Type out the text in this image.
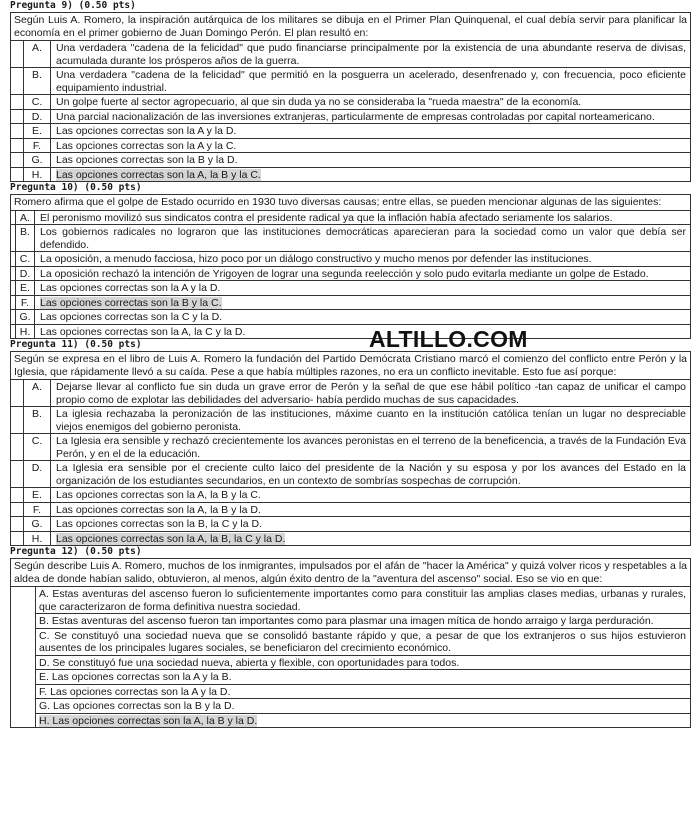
Pregunta 9) (0.50 pts)
Según Luis A. Romero, la inspiración autárquica de los militares se dibuja en el Primer Plan Quinquenal, el cual debía servir para planificar la economía en el primer gobierno de Juan Domingo Perón. El plan resultó en:
A.	Una verdadera "cadena de la felicidad" que pudo financiarse principalmente por la existencia de una abundante reserva de divisas, acumulada durante los prósperos años de la guerra.
B.	Una verdadera "cadena de la felicidad" que permitió en la posguerra un acelerado, desenfrenado y, con frecuencia, poco eficiente equipamiento industrial.
C.	Un golpe fuerte al sector agropecuario, al que sin duda ya no se consideraba la "rueda maestra" de la economía.
D.	Una parcial nacionalización de las inversiones extranjeras, particularmente de empresas controladas por capital norteamericano.
E.	Las opciones correctas son la A y la D.
F.	Las opciones correctas son la A y la C.
G.	Las opciones correctas son la B y la D.
H.	Las opciones correctas son la A, la B y la C.
Pregunta 10) (0.50 pts)
Romero afirma que el golpe de Estado ocurrido en 1930 tuvo diversas causas; entre ellas, se pueden mencionar algunas de las siguientes:
A. El peronismo movilizó sus sindicatos contra el presidente radical ya que la inflación había afectado seriamente los salarios.
B. Los gobiernos radicales no lograron que las instituciones democráticas aparecieran para la sociedad como un valor que debía ser defendido.
C. La oposición, a menudo facciosa, hizo poco por un diálogo constructivo y mucho menos por defender las instituciones.
D. La oposición rechazó la intención de Yrigoyen de lograr una segunda reelección y solo pudo evitarla mediante un golpe de Estado.
E. Las opciones correctas son la A y la D.
F.	Las opciones correctas son la B y la C.
G. Las opciones correctas son la C y la D.
H. Las opciones correctas son la A, la C y la D.
Pregunta 11) (0.50 pts)
Según se expresa en el libro de Luis A. Romero la fundación del Partido Demócrata Cristiano marcó el comienzo del conflicto entre Perón y la Iglesia, que rápidamente llevó a su caída. Pese a que había múltiples razones, no era un conflicto inevitable. Esto fue así porque:
A.	Dejarse llevar al conflicto fue sin duda un grave error de Perón y la señal de que ese hábil político -tan capaz de unificar el campo propio como de explotar las debilidades del adversario- había perdido muchas de sus capacidades.
B.	La iglesia rechazaba la peronización de las instituciones, máxime cuanto en la institución católica tenían un lugar no despreciable viejos enemigos del gobierno peronista.
C.	La Iglesia era sensible y rechazó crecientemente los avances peronistas en el terreno de la beneficencia, a través de la Fundación Eva Perón, y en el de la educación.
D.	La Iglesia era sensible por el creciente culto laico del presidente de la Nación y su esposa y por los avances del Estado en la organización de los estudiantes secundarios, en un contexto de sombrías sospechas de corrupción.
E.	Las opciones correctas son la A, la B y la C.
F.	Las opciones correctas son la A, la B y la D.
G.	Las opciones correctas son la B, la C y la D.
H.	Las opciones correctas son la A, la B, la C y la D.
Pregunta 12) (0.50 pts)
Según describe Luis A. Romero, muchos de los inmigrantes, impulsados por el afán de "hacer la América" y quizá volver ricos y respetables a la aldea de donde habían salido, obtuvieron, al menos, algún éxito dentro de la "aventura del ascenso" social. Eso se vio en que:
A. Estas aventuras del ascenso fueron lo suficientemente importantes como para constituir las amplias clases medias, urbanas y rurales, que caracterizaron de forma definitiva nuestra sociedad.
B. Estas aventuras del ascenso fueron tan importantes como para plasmar una imagen mítica de hondo arraigo y larga perduración.
C. Se constituyó una sociedad nueva que se consolidó bastante rápido y que, a pesar de que los extranjeros o sus hijos estuvieron ausentes de los principales lugares sociales, se beneficiaron del crecimiento económico.
D. Se constituyó fue una sociedad nueva, abierta y flexible, con oportunidades para todos.
E. Las opciones correctas son la A y la B.
F. Las opciones correctas son la A y la D.
G. Las opciones correctas son la B y la D.
H. Las opciones correctas son la A, la B y la D.
ALTILLO.COM
